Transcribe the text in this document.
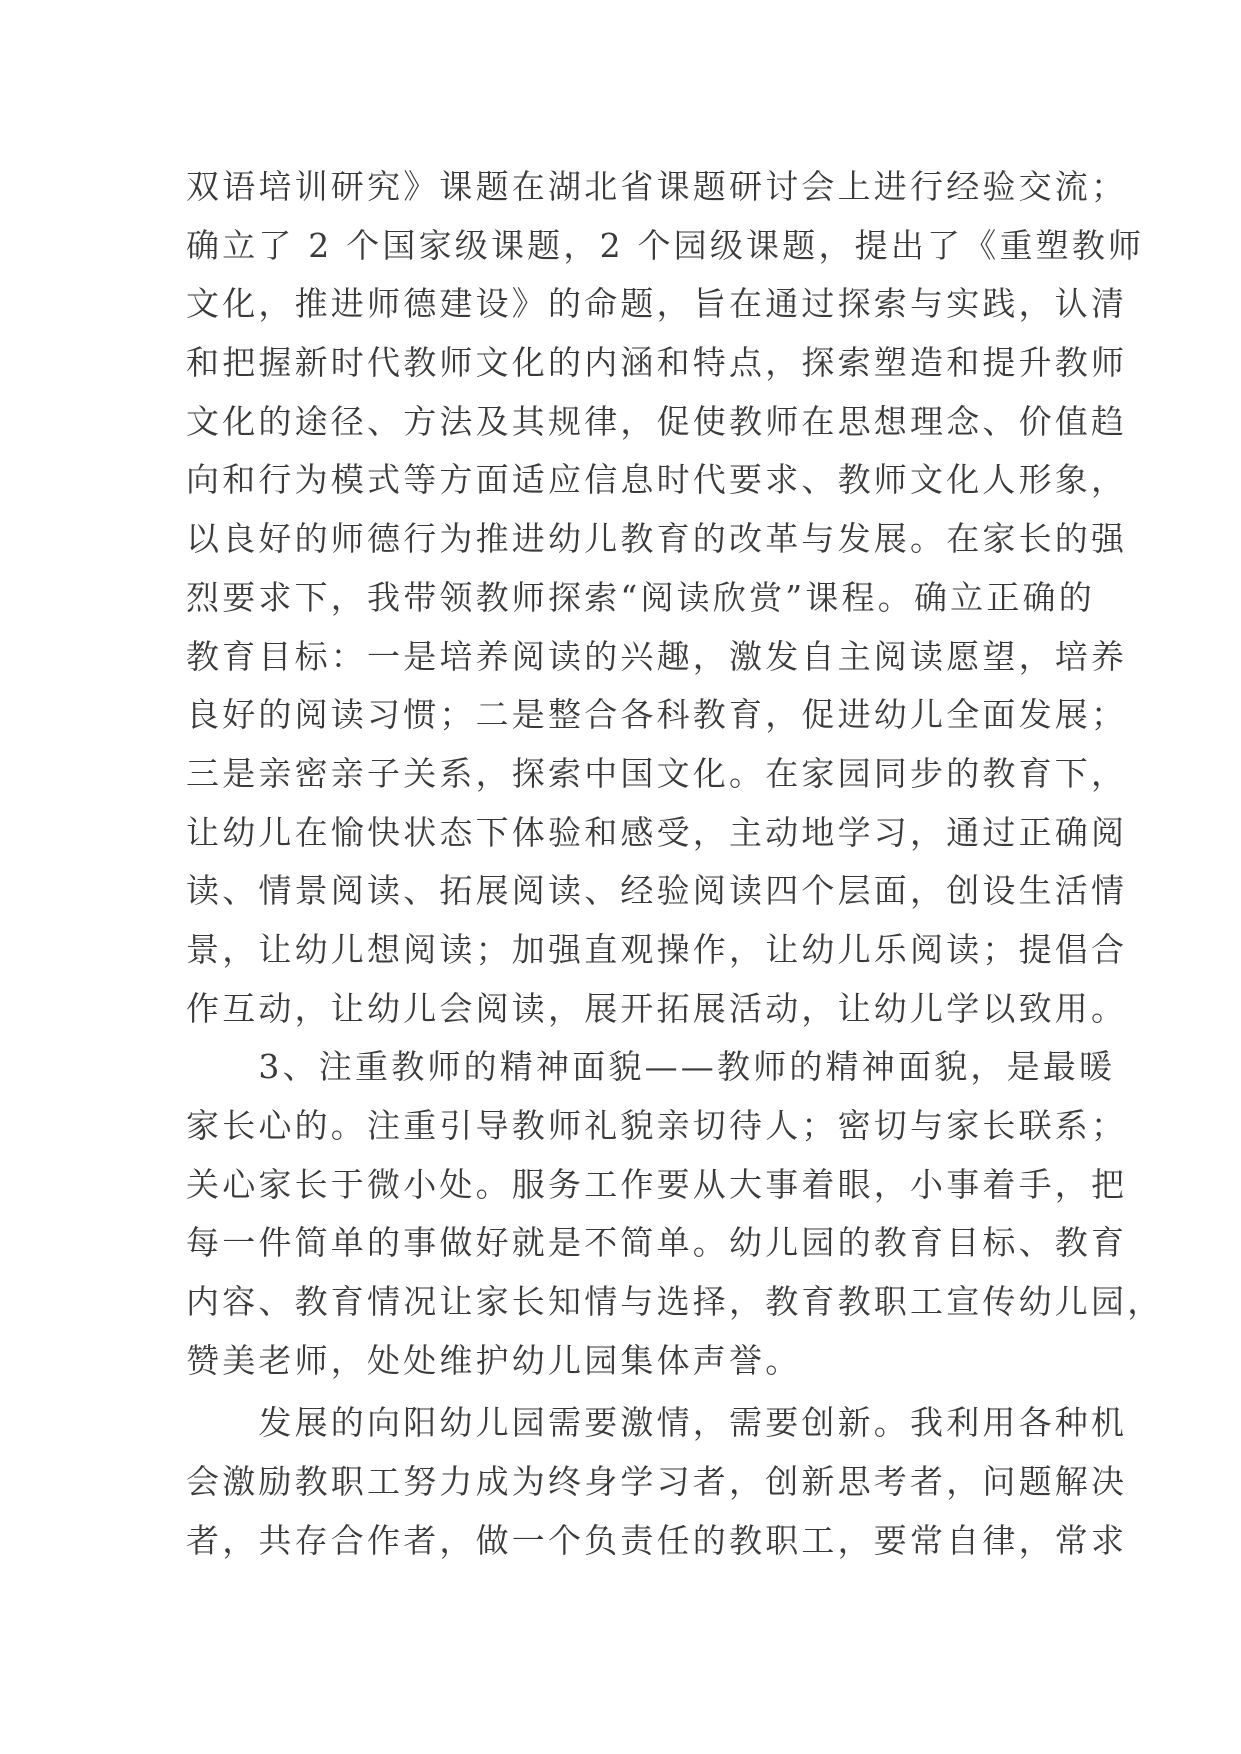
双语培训研究》课题在湖北省课题研讨会上进行经验交流；
确立了 2 个国家级课题，2 个园级课题，提出了《重塑教师
文化，推进师德建设》的命题，旨在通过探索与实践，认清
和把握新时代教师文化的内涵和特点，探索塑造和提升教师
文化的途径、方法及其规律，促使教师在思想理念、价值趋
向和行为模式等方面适应信息时代要求、教师文化人形象，
以良好的师德行为推进幼儿教育的改革与发展。在家长的强
烈要求下，我带领教师探索“阅读欣赏”课程。确立正确的
教育目标：一是培养阅读的兴趣，激发自主阅读愿望，培养
良好的阅读习惯；二是整合各科教育，促进幼儿全面发展；
三是亲密亲子关系，探索中国文化。在家园同步的教育下，
让幼儿在愉快状态下体验和感受，主动地学习，通过正确阅
读、情景阅读、拓展阅读、经验阅读四个层面，创设生活情
景，让幼儿想阅读；加强直观操作，让幼儿乐阅读；提倡合
作互动，让幼儿会阅读，展开拓展活动，让幼儿学以致用。
　　3、注重教师的精神面貌——教师的精神面貌，是最暖
家长心的。注重引导教师礼貌亲切待人；密切与家长联系；
关心家长于微小处。服务工作要从大事着眼，小事着手，把
每一件简单的事做好就是不简单。幼儿园的教育目标、教育
内容、教育情况让家长知情与选择，教育教职工宣传幼儿园，
赞美老师，处处维护幼儿园集体声誉。
　　发展的向阳幼儿园需要激情，需要创新。我利用各种机
会激励教职工努力成为终身学习者，创新思考者，问题解决
者，共存合作者，做一个负责任的教职工，要常自律，常求
